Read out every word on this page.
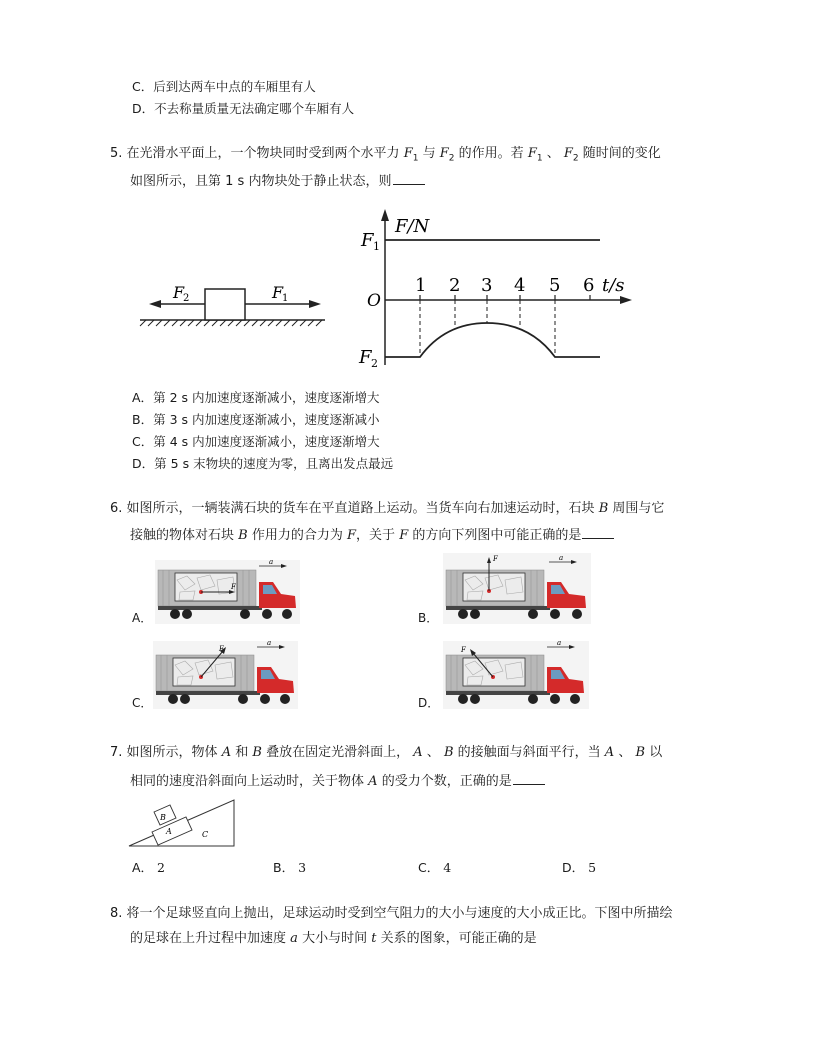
C．后到达两车中点的车厢里有人
D．不去称量质量无法确定哪个车厢有人
5. 在光滑水平面上，一个物块同时受到两个水平力 $F_1$ 与 $F_2$ 的作用。若 $F_1$ 、 $F_2$ 随时间的变化
如图所示，且第 1 s 内物块处于静止状态，则
F
2	F
1
1 2 3 4 5 6 t/s
F/N
F 1
O
F 2
A．第 2 s 内加速度逐渐减小，速度逐渐增大
B．第 3 s 内加速度逐渐减小，速度逐渐减小
C．第 4 s 内加速度逐渐减小，速度逐渐增大
D．第 5 s 末物块的速度为零，且离出发点最远
6. 如图所示，一辆装满石块的货车在平直道路上运动。当货车向右加速运动时，石块 B 周围与它
接触的物体对石块 B 作用力的合力为 F，关于 F 的方向下列图中可能正确的是
A．
F
a
B．
F	a
C．
F
a
D．
F
a
7. 如图所示，物体 A 和 B 叠放在固定光滑斜面上， A 、 B 的接触面与斜面平行，当 A 、 B 以
相同的速度沿斜面向上运动时，关于物体 A 的受力个数，正确的是
B
A	C
A． 2	B． 3	C． 4	D． 5
8. 将一个足球竖直向上抛出，足球运动时受到空气阻力的大小与速度的大小成正比。下图中所描绘
的足球在上升过程中加速度 a 大小与时间 t 关系的图象，可能正确的是
